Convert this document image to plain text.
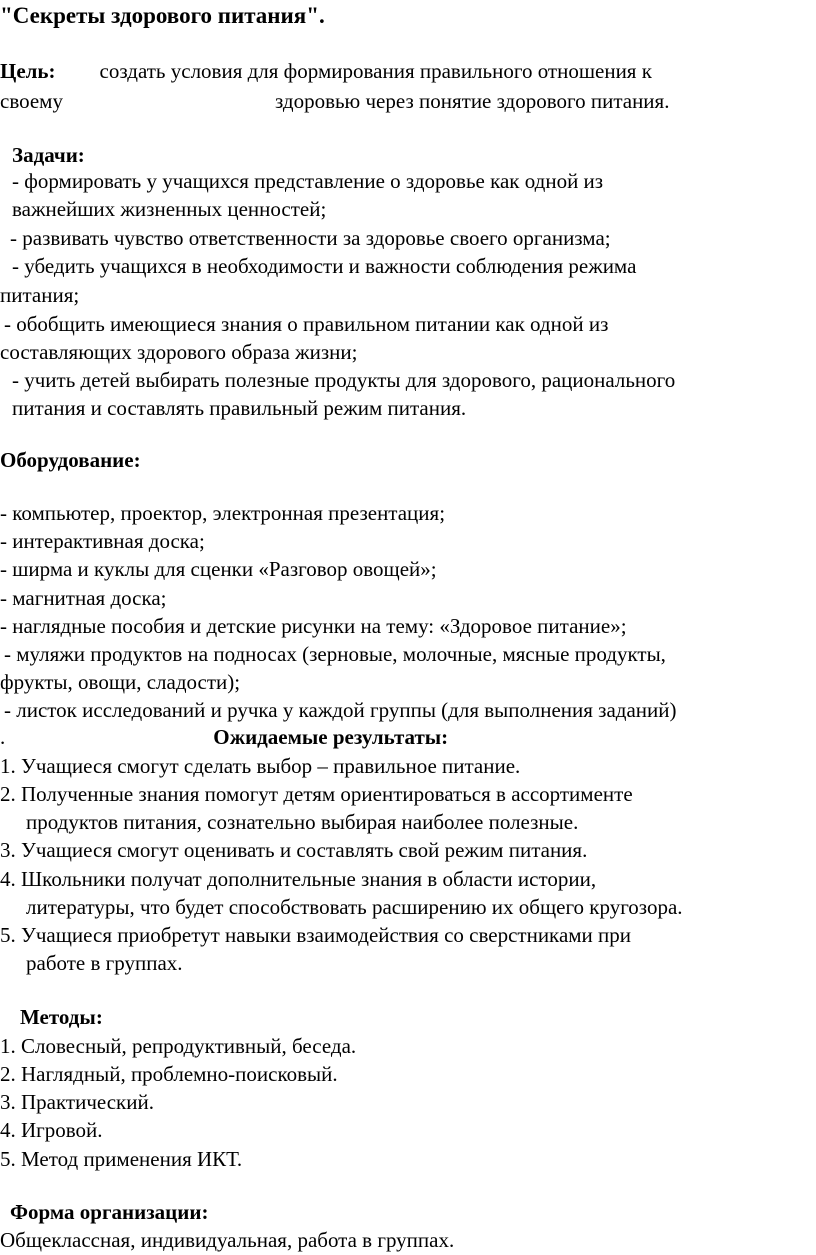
"Секреты здорового питания".
Цель: создать условия для формирования правильного отношения к
своему	здоровью через понятие здорового питания.
Задачи:
- формировать у учащихся представление о здоровье как одной из
важнейших жизненных ценностей;
- развивать чувство ответственности за здоровье своего организма;
- убедить учащихся в необходимости и важности соблюдения режима
питания;
- обобщить имеющиеся знания о правильном питании как одной из
составляющих здорового образа жизни;
- учить детей выбирать полезные продукты для здорового, рационального
питания и составлять правильный режим питания.
Оборудование:
- компьютер, проектор, электронная презентация;
- интерактивная доска;
- ширма и куклы для сценки «Разговор овощей»;
- магнитная доска;
- наглядные пособия и детские рисунки на тему: «Здоровое питание»;
- муляжи продуктов на подносах (зерновые, молочные, мясные продукты,
фрукты, овощи, сладости);
- листок исследований и ручка у каждой группы (для выполнения заданий)
.	Ожидаемые результаты:
1. Учащиеся смогут сделать выбор – правильное питание.
2. Полученные знания помогут детям ориентироваться в ассортименте
продуктов питания, сознательно выбирая наиболее полезные.
3. Учащиеся смогут оценивать и составлять свой режим питания.
4. Школьники получат дополнительные знания в области истории,
литературы, что будет способствовать расширению их общего кругозора.
5. Учащиеся приобретут навыки взаимодействия со сверстниками при
работе в группах.
Методы:
1. Словесный, репродуктивный, беседа.
2. Наглядный, проблемно-поисковый.
3. Практический.
4. Игровой.
5. Метод применения ИКТ.
Форма организации:
Общеклассная, индивидуальная, работа в группах.
